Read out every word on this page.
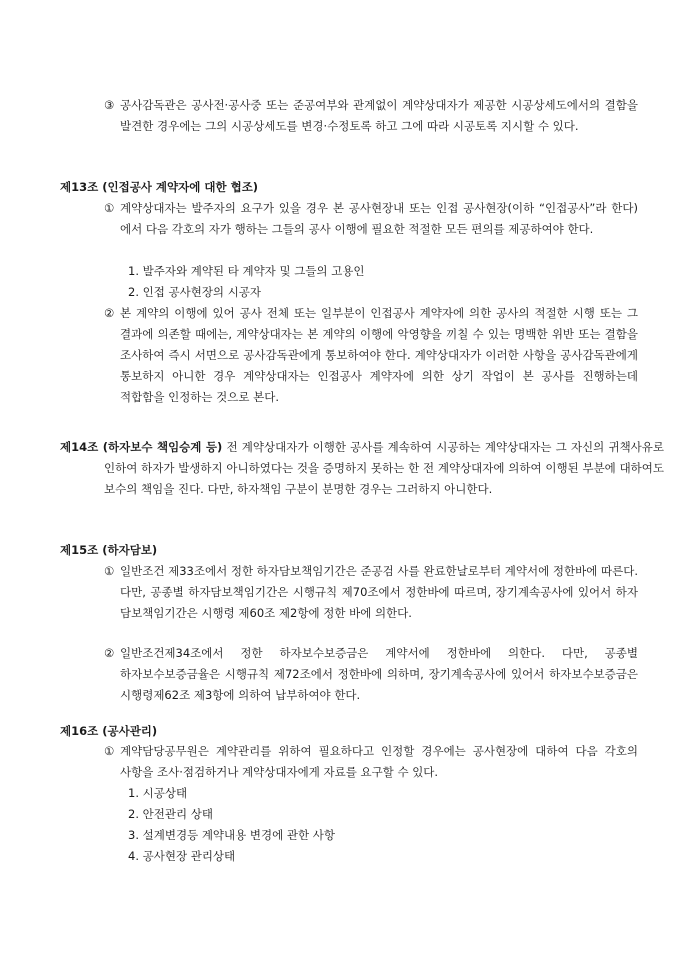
③ 공사감독관은 공사전·공사중 또는 준공여부와 관계없이 계약상대자가 제공한 시공상세도에서의 결함을 발견한 경우에는 그의 시공상세도를 변경·수정토록 하고 그에 따라 시공토록 지시할 수 있다.
제13조 (인접공사 계약자에 대한 협조)
① 계약상대자는 발주자의 요구가 있을 경우 본 공사현장내 또는 인접 공사현장(이하 “인접공사”라 한다)에서 다음 각호의 자가 행하는 그들의 공사 이행에 필요한 적절한 모든 편의를 제공하여야 한다.
1. 발주자와 계약된 타 계약자 및 그들의 고용인
2. 인접 공사현장의 시공자
② 본 계약의 이행에 있어 공사 전체 또는 일부분이 인접공사 계약자에 의한 공사의 적절한 시행 또는 그 결과에 의존할 때에는, 계약상대자는 본 계약의 이행에 악영향을 끼칠 수 있는 명백한 위반 또는 결함을 조사하여 즉시 서면으로 공사감독관에게 통보하여야 한다. 계약상대자가 이러한 사항을 공사감독관에게 통보하지 아니한 경우 계약상대자는 인접공사 계약자에 의한 상기 작업이 본 공사를 진행하는데 적합함을 인정하는 것으로 본다.
제14조 (하자보수 책임승계 등) 전 계약상대자가 이행한 공사를 계속하여 시공하는 계약상대자는 그 자신의 귀책사유로 인하여 하자가 발생하지 아니하였다는 것을 증명하지 못하는 한 전 계약상대자에 의하여 이행된 부분에 대하여도 보수의 책임을 진다. 다만, 하자책임 구분이 분명한 경우는 그러하지 아니한다.
제15조 (하자담보)
① 일반조건 제33조에서 정한 하자담보책임기간은 준공검 사를 완료한날로부터 계약서에 정한바에 따른다. 다만, 공종별 하자담보책임기간은 시행규칙 제70조에서 정한바에 따르며, 장기계속공사에 있어서 하자 담보책임기간은 시행령 제60조 제2항에 정한 바에 의한다.
② 일반조건제34조에서 정한 하자보수보증금은 계약서에 정한바에 의한다. 다만, 공종별 하자보수보증금율은 시행규칙 제72조에서 정한바에 의하며, 장기계속공사에 있어서 하자보수보증금은 시행령제62조 제3항에 의하여 납부하여야 한다.
제16조 (공사관리)
① 계약담당공무원은 계약관리를 위하여 필요하다고 인정할 경우에는 공사현장에 대하여 다음 각호의 사항을 조사·점검하거나 계약상대자에게 자료를 요구할 수 있다.
1. 시공상태
2. 안전관리 상태
3. 설계변경등 계약내용 변경에 관한 사항
4. 공사현장 관리상태
